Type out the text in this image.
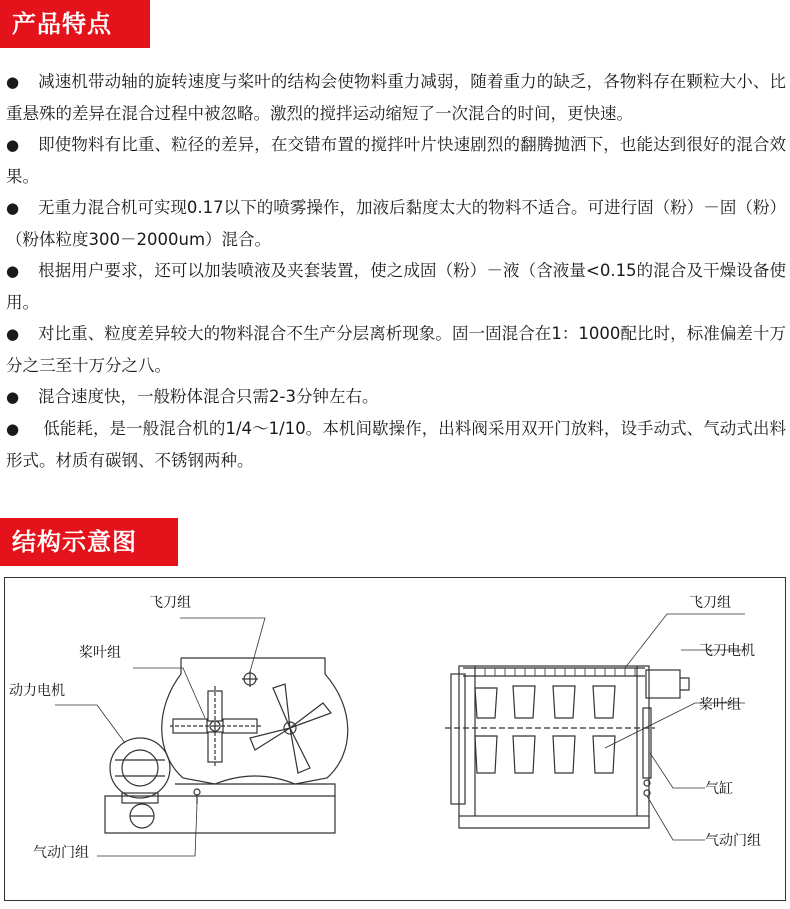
产品特点
● 减速机带动轴的旋转速度与桨叶的结构会使物料重力减弱，随着重力的缺乏，各物料存在颗粒大小、比重悬殊的差异在混合过程中被忽略。激烈的搅拌运动缩短了一次混合的时间，更快速。
● 即使物料有比重、粒径的差异，在交错布置的搅拌叶片快速剧烈的翻腾抛洒下，也能达到很好的混合效果。
● 无重力混合机可实现0.17以下的喷雾操作，加液后黏度太大的物料不适合。可进行固（粉）－固（粉）（粉体粒度300－2000um）混合。
● 根据用户要求，还可以加装喷液及夹套装置，使之成固（粉）－液（含液量<0.15的混合及干燥设备使用。
● 对比重、粒度差异较大的物料混合不生产分层离析现象。固一固混合在1：1000配比时，标准偏差十万分之三至十万分之八。
● 混合速度快，一般粉体混合只需2-3分钟左右。
● 低能耗，是一般混合机的1/4～1/10。本机间歇操作，出料阀采用双开门放料，设手动式、气动式出料形式。材质有碳钢、不锈钢两种。
结构示意图
飞刀组
桨叶组
动力电机
气动门组
飞刀组
飞刀电机
桨叶组
气缸
气动门组
